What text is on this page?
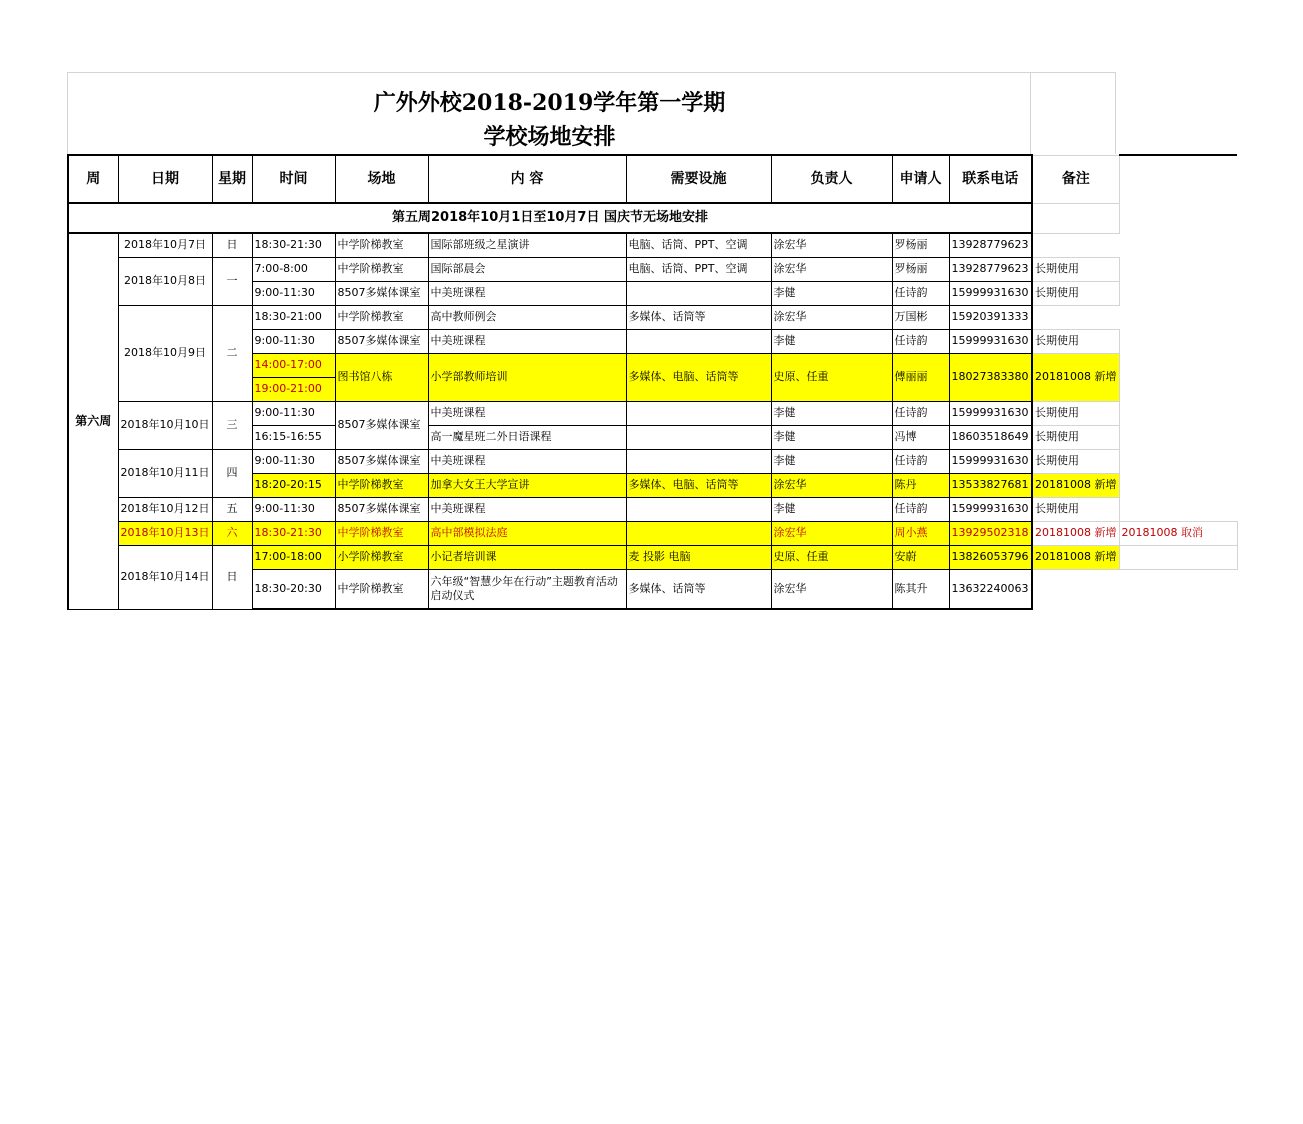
广外外校2018-2019学年第一学期
学校场地安排
周	日期	星期	时间	场地	内 容	需要设施	负责人	申请人	联系电话	备注	
第五周2018年10月1日至10月7日 国庆节无场地安排											
第六周	2018年10月7日	日	18:30-21:30	中学阶梯教室	国际部班级之星演讲	电脑、话筒、PPT、空调	涂宏华	罗杨丽	13928779623		
	2018年10月8日	一	7:00-8:00	中学阶梯教室	国际部晨会	电脑、话筒、PPT、空调	涂宏华	罗杨丽	13928779623	长期使用	
			9:00-11:30	8507多媒体课室	中美班课程		李健	任诗韵	15999931630	长期使用	
	2018年10月9日	二	18:30-21:00	中学阶梯教室	高中教师例会	多媒体、话筒等	涂宏华	万国彬	15920391333		
			9:00-11:30	8507多媒体课室	中美班课程		李健	任诗韵	15999931630	长期使用	
			14:00-17:00	图书馆八栋	小学部教师培训	多媒体、电脑、话筒等	史原、任重	傅丽丽	18027383380	20181008 新增	
			19:00-21:00								
	2018年10月10日	三	9:00-11:30	8507多媒体课室	中美班课程		李健	任诗韵	15999931630	长期使用	
			16:15-16:55		高一魔星班二外日语课程		李健	冯博	18603518649	长期使用	
	2018年10月11日	四	9:00-11:30	8507多媒体课室	中美班课程		李健	任诗韵	15999931630	长期使用	
			18:20-20:15	中学阶梯教室	加拿大女王大学宣讲	多媒体、电脑、话筒等	涂宏华	陈丹	13533827681	20181008 新增	
	2018年10月12日	五	9:00-11:30	8507多媒体课室	中美班课程		李健	任诗韵	15999931630	长期使用	
	2018年10月13日	六	18:30-21:30	中学阶梯教室	高中部模拟法庭		涂宏华	周小燕	13929502318	20181008 新增	20181008 取消
	2018年10月14日	日	17:00-18:00	小学阶梯教室	小记者培训课	麦 投影 电脑	史原、任重	安蔚	13826053796	20181008 新增	
			18:30-20:30	中学阶梯教室	六年级“智慧少年在行动”主题教育活动启动仪式	多媒体、话筒等	涂宏华	陈其升	13632240063		
